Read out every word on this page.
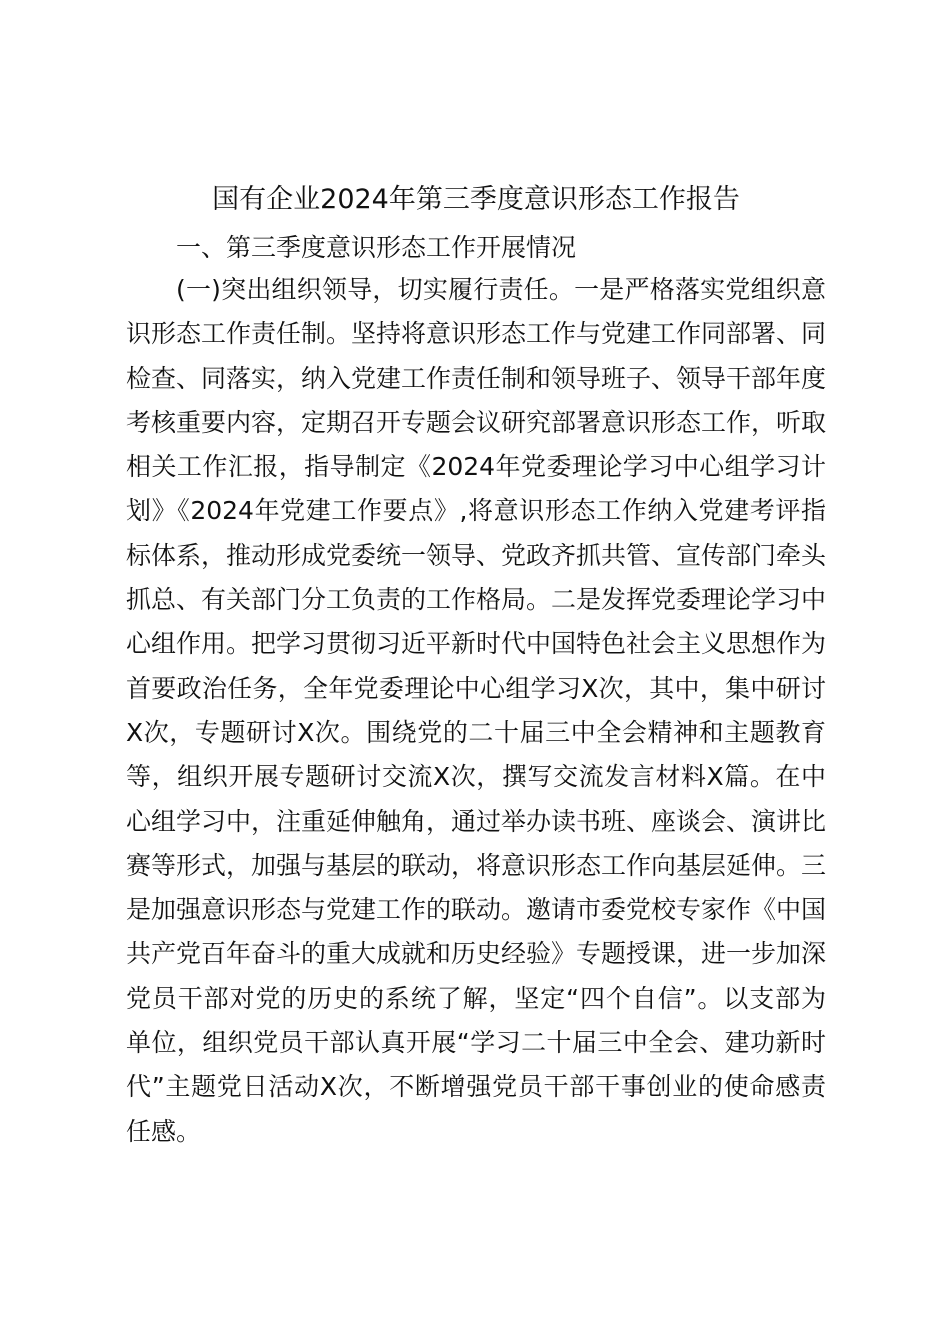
国有企业2024年第三季度意识形态工作报告
一、第三季度意识形态工作开展情况
(一)突出组织领导，切实履行责任。一是严格落实党组织意识形态工作责任制。坚持将意识形态工作与党建工作同部署、同检查、同落实，纳入党建工作责任制和领导班子、领导干部年度考核重要内容，定期召开专题会议研究部署意识形态工作，听取相关工作汇报，指导制定《2024年党委理论学习中心组学习计划》《2024年党建工作要点》,将意识形态工作纳入党建考评指标体系，推动形成党委统一领导、党政齐抓共管、宣传部门牵头抓总、有关部门分工负责的工作格局。二是发挥党委理论学习中心组作用。把学习贯彻习近平新时代中国特色社会主义思想作为首要政治任务，全年党委理论中心组学习X次，其中，集中研讨X次，专题研讨X次。围绕党的二十届三中全会精神和主题教育等，组织开展专题研讨交流X次，撰写交流发言材料X篇。在中心组学习中，注重延伸触角，通过举办读书班、座谈会、演讲比赛等形式，加强与基层的联动，将意识形态工作向基层延伸。三是加强意识形态与党建工作的联动。邀请市委党校专家作《中国共产党百年奋斗的重大成就和历史经验》专题授课，进一步加深党员干部对党的历史的系统了解，坚定“四个自信”。以支部为单位，组织党员干部认真开展“学习二十届三中全会、建功新时代”主题党日活动X次，不断增强党员干部干事创业的使命感责任感。
